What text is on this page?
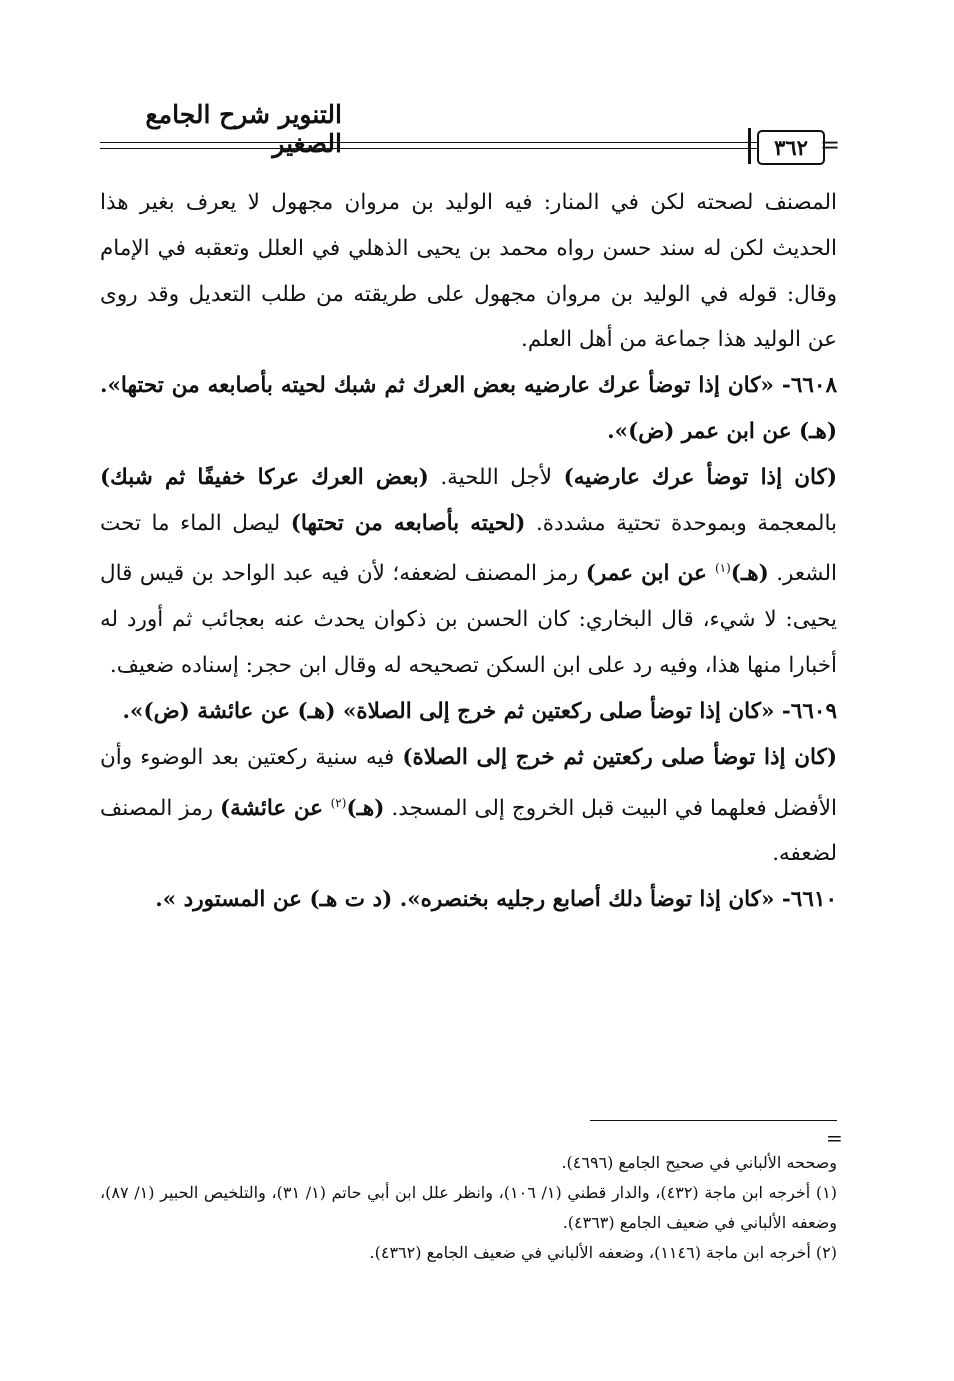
التنوير شرح الجامع الصغير	٣٦٢ =

المصنف لصحته لكن في المنار: فيه الوليد بن مروان مجهول لا يعرف بغير هذا الحديث لكن له سند حسن رواه محمد بن يحيى الذهلي في العلل وتعقبه في الإمام وقال: قوله في الوليد بن مروان مجهول على طريقته من طلب التعديل وقد روى عن الوليد هذا جماعة من أهل العلم.

٦٦٠٨- «كان إذا توضأ عرك عارضيه بعض العرك ثم شبك لحيته بأصابعه من تحتها». (هـ) عن ابن عمر (ض)».

(كان إذا توضأ عرك عارضيه) لأجل اللحية. (بعض العرك عركا خفيفًا ثم شبك) بالمعجمة وبموحدة تحتية مشددة. (لحيته بأصابعه من تحتها) ليصل الماء ما تحت الشعر. (هـ)$^{(١)}$ عن ابن عمر) رمز المصنف لضعفه؛ لأن فيه عبد الواحد بن قيس قال يحيى: لا شيء، قال البخاري: كان الحسن بن ذكوان يحدث عنه بعجائب ثم أورد له أخبارا منها هذا، وفيه رد على ابن السكن تصحيحه له وقال ابن حجر: إسناده ضعيف.

٦٦٠٩- «كان إذا توضأ صلى ركعتين ثم خرج إلى الصلاة» (هـ) عن عائشة (ض)».

(كان إذا توضأ صلى ركعتين ثم خرج إلى الصلاة) فيه سنية ركعتين بعد الوضوء وأن الأفضل فعلهما في البيت قبل الخروج إلى المسجد. (هـ)$^{(٢)}$ عن عائشة) رمز المصنف لضعفه.

٦٦١٠- «كان إذا توضأ دلك أصابع رجليه بخنصره». (د ت هـ) عن المستورد ».

=

وصححه الألباني في صحيح الجامع (٤٦٩٦).

(١) أخرجه ابن ماجة (٤٣٢)، والدار قطني (١/ ١٠٦)، وانظر علل ابن أبي حاتم (١/ ٣١)، والتلخيص الحبير (١/ ٨٧)، وضعفه الألباني في ضعيف الجامع (٤٣٦٣).

(٢) أخرجه ابن ماجة (١١٤٦)، وضعفه الألباني في ضعيف الجامع (٤٣٦٢).
